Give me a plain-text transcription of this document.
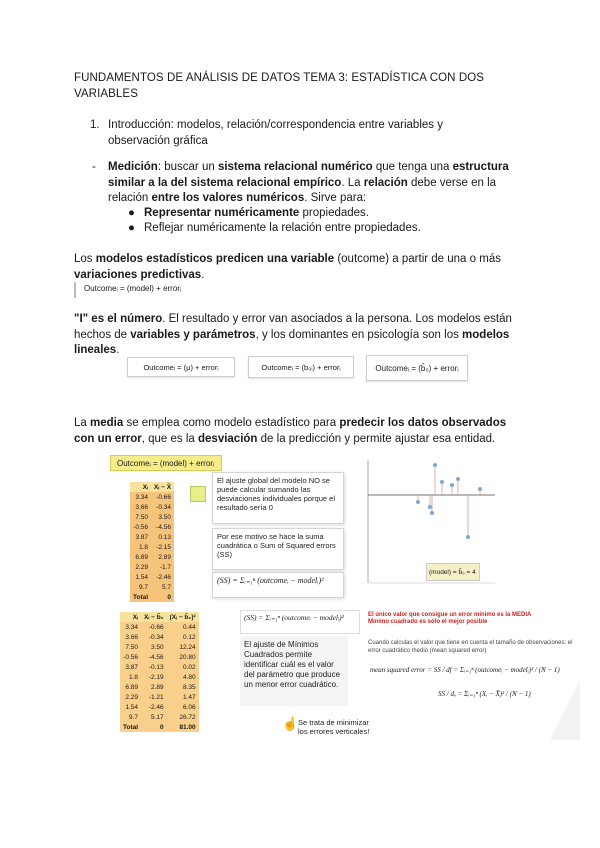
FUNDAMENTOS DE ANÁLISIS DE DATOS TEMA 3: ESTADÍSTICA CON DOS VARIABLES
1. Introducción: modelos, relación/correspondencia entre variables y observación gráfica
- Medición: buscar un sistema relacional numérico que tenga una estructura similar a la del sistema relacional empírico. La relación debe verse en la relación entre los valores numéricos. Sirve para:
● Representar numéricamente propiedades.
● Reflejar numéricamente la relación entre propiedades.
Los modelos estadísticos predicen una variable (outcome) a partir de una o más variaciones predictivas.
Outcomeᵢ = (model) + errorᵢ
"I" es el número. El resultado y error van asociados a la persona. Los modelos están hechos de variables y parámetros, y los dominantes en psicología son los modelos lineales.
Outcomeᵢ = (μ) + errorᵢ	Outcomeᵢ = (b₀ᵢ) + errorᵢ	Outcomeᵢ = (b̂₀) + errorᵢ
La media se emplea como modelo estadístico para predecir los datos observados con un error, que es la desviación de la predicción y permite ajustar esa entidad.
Outcomeᵢ = (model) + errorᵢ
Xᵢ	Xᵢ − X̄
3.34	-0.66
3.66	-0.34
7.50	3.50
-0.56	-4.56
3.87	0.13
1.8	-2.15
6.89	2.89
2.29	-1.7
1.54	-2.46
9.7	5.7
Total	0
El ajuste global del modelo NO se puede calcular sumando las desviaciones individuales porque el resultado sería 0
Por ese motivo se hace la suma cuadrática o Sum of Squared errors (SS)
(SS) = Σᵢ₌₁ⁿ (outcomeᵢ − modelᵢ)²
(model) = b̂₀ = 4
Xᵢ	Xᵢ − b̂₀	(Xᵢ − b̂₀)²
3.34	-0.66	0.44
3.66	-0.34	0.12
7.50	3.50	12.24
-0.56	-4.56	20.80
3.87	-0.13	0.02
1.8	-2.19	4.80
6.89	2.89	8.35
2.29	-1.21	1.47
1.54	-2.46	6.06
9.7	5.17	26.72
Total	0	81.00
(SS) = Σᵢ₌₁ⁿ (outcomeᵢ − modelᵢ)²
El ajuste de Mínimos Cuadrados permite identificar cuál es el valor del parámetro que produce un menor error cuadrático.
☝ Se trata de minimizar los errores verticales!
El único valor que consigue un error mínimo es la MEDIA
Mínimo cuadrado es sólo el mejor posible
Cuando calculas el valor que tiene en cuenta el tamaño de observaciones: el error cuadrático medio (mean squared error)
mean squared error = SS / df = Σᵢ₌₁ⁿ (outcomeᵢ − modelᵢ)² / (N − 1)
SS / dₒ = Σᵢ₌₁ⁿ (Xᵢ − X̄)² / (N − 1)
